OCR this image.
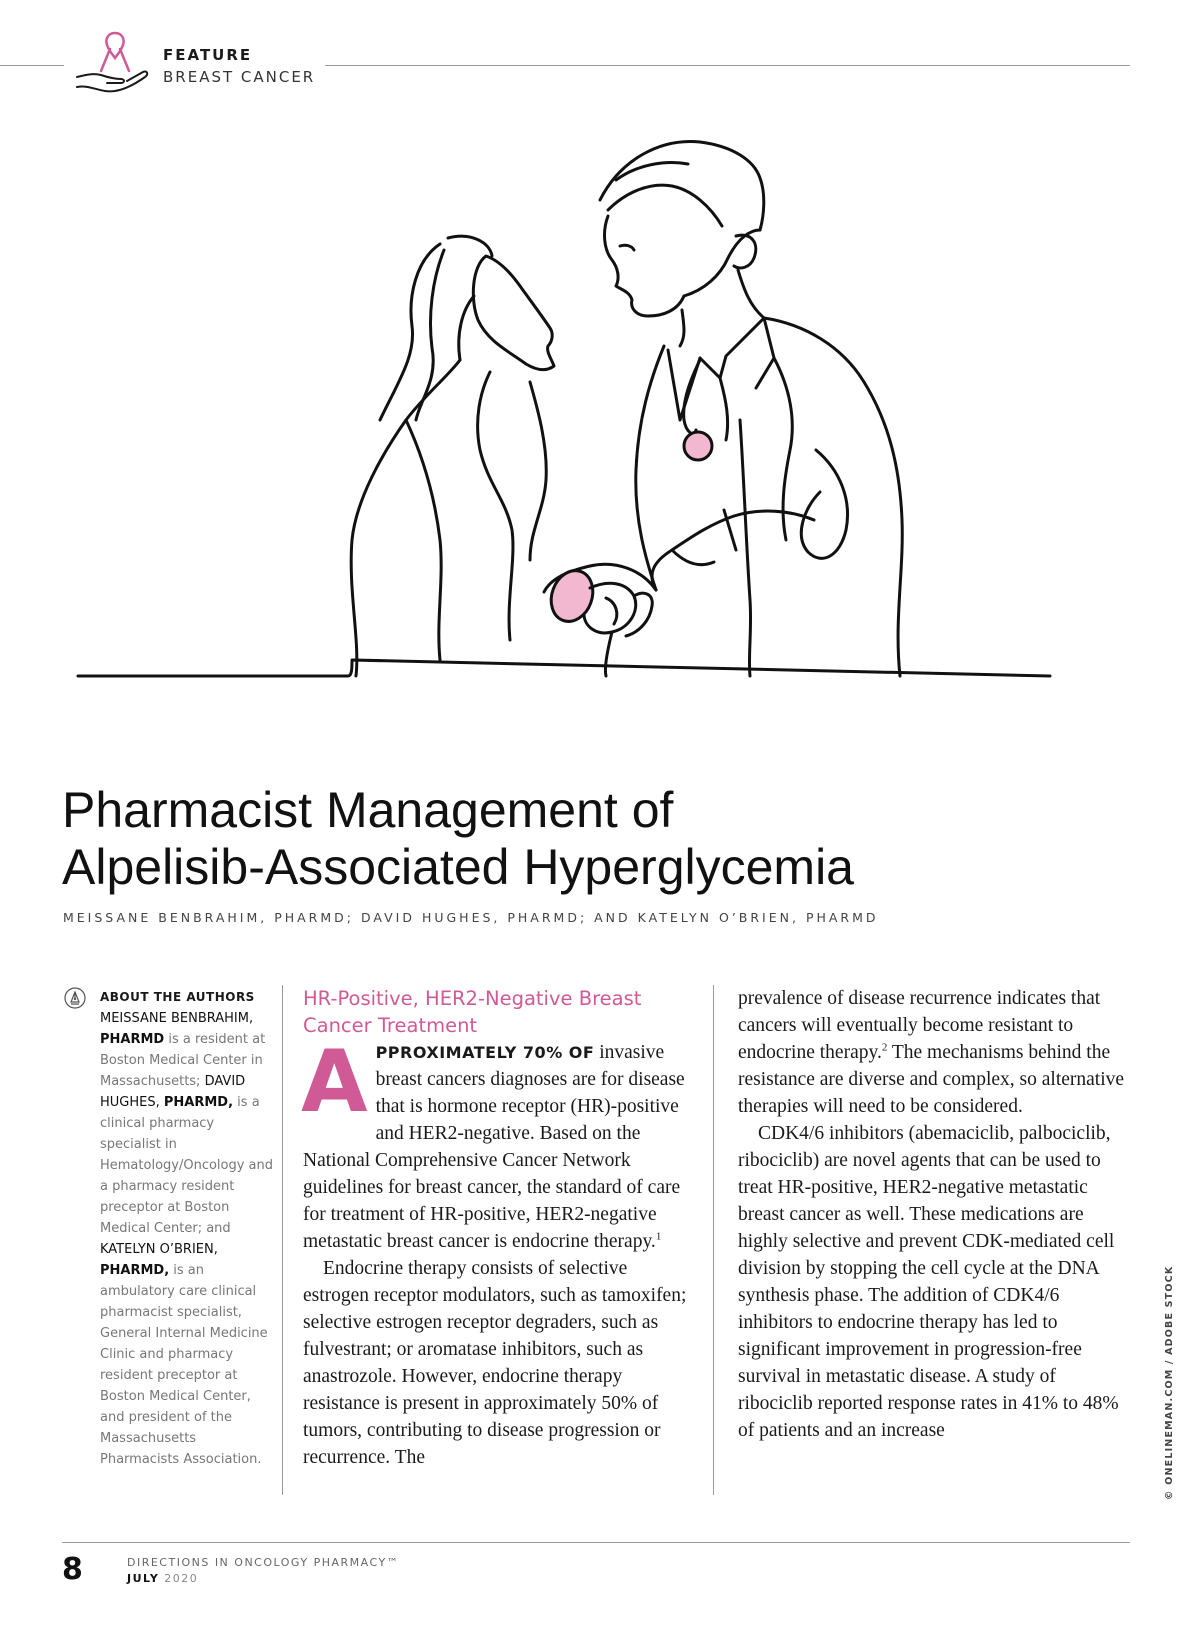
FEATURE
BREAST CANCER
Pharmacist Management of
Alpelisib-Associated Hyperglycemia
MEISSANE BENBRAHIM, PHARMD; DAVID HUGHES, PHARMD; AND KATELYN O’BRIEN, PHARMD
ABOUT THE AUTHORS
MEISSANE BENBRAHIM, PHARMD is a resident at Boston Medical Center in Massachusetts; DAVID HUGHES, PHARMD, is a clinical pharmacy specialist in Hematology/Oncology and a pharmacy resident preceptor at Boston Medical Center; and KATELYN O’BRIEN, PHARMD, is an ambulatory care clinical pharmacist specialist, General Internal Medicine Clinic and pharmacy resident preceptor at Boston Medical Center, and president of the Massachusetts Pharmacists Association.
HR-Positive, HER2-Negative Breast Cancer Treatment

APPROXIMATELY 70% OF invasive breast cancers diagnoses are for disease that is hormone receptor (HR)-positive and HER2-negative. Based on the National Comprehensive Cancer Network guidelines for breast cancer, the standard of care for treatment of HR-positive, HER2-negative metastatic breast cancer is endocrine therapy.$^1$

Endocrine therapy consists of selective estrogen receptor modulators, such as tamoxifen; selective estrogen receptor degraders, such as fulvestrant; or aromatase inhibitors, such as anastrozole. However, endocrine therapy resistance is present in approximately 50% of tumors, contributing to disease progression or recurrence. The

prevalence of disease recurrence indicates that cancers will eventually become resistant to endocrine therapy.$^2$ The mechanisms behind the resistance are diverse and complex, so alternative therapies will need to be considered.

CDK4/6 inhibitors (abemaciclib, palbociclib, ribociclib) are novel agents that can be used to treat HR-positive, HER2-negative metastatic breast cancer as well. These medications are highly selective and prevent CDK-mediated cell division by stopping the cell cycle at the DNA synthesis phase. The addition of CDK4/6 inhibitors to endocrine therapy has led to significant improvement in progression-free survival in metastatic disease. A study of ribociclib reported response rates in 41% to 48% of patients and an increase	© ONELINEMAN.COM / ADOBE STOCK
8	DIRECTIONS IN ONCOLOGY PHARMACY™
JULY 2020
